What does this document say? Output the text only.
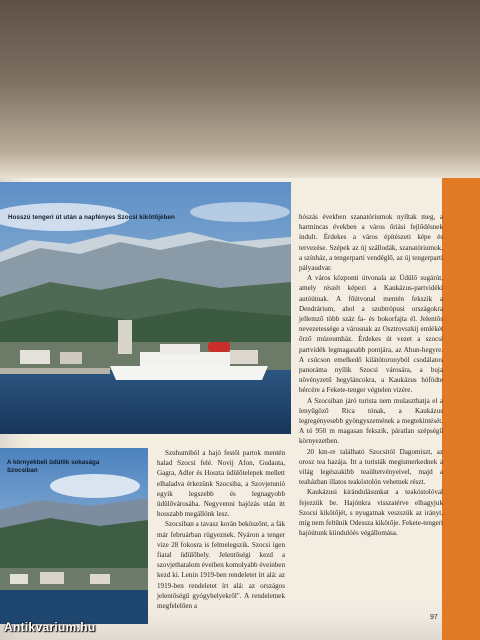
Hosszú tengeri út után a napfényes Szocsi kikötőjében
A környékbeli üdülők sokasága Szocsiban

hószás években szanatóriumok nyíltak meg, a harmincas években a város őriási fejlődésnek indult. Érdekes a város építészeti képe és tervezése. Szépek az új szállodák, szanatóriumok, a színház, a tengerparti vendéglő, az új tengerparti pályaudvar.

A város központi útvonala az Üdülő sugárút, amely részét képezi a Kaukázus-partvidéki autóútnak. A főútvonal mentén fekszik a Dendrárium, ahol a szubtrópusi országokra jellemző több száz fa- és bokorfajta él. Jelentős nevezetessége a városnak az Osztrovszkij emlékét őrző múzeumház. Érdekes út vezet a szocsi partvidék legmagasabb pontjára, az Ahun-hegyre. A csúcson emelkedő kilátótoronyból csodálatos panoráma nyílik Szocsi városára, a buja növényzetű hegyláncokra, a Kaukázus hófödte bércére a Fekete-tenger végtelen vizére.

A Szocsiban járó turista nem mulaszthatja el a lenyűgöző Rica tónak, a Kaukázus legregényesebb gyöngyszemének a megtekintését. A tó 950 m magasan fekszik, páratlan szépségű környezetben.

20 km-re található Szocsitól Dagomiszt, az orosz tea hazája. Itt a turisták megismerkednek a világ legészakibb teaültetvényeivel, majd a teaházban illatos teakóstolón vehetnek részt.

Kaukázusi kirándulásunkat a teakóstolóval fejezzük be. Hajónkra visszatérve elhagyjuk Szocsi kikötőjét, s nyugatnak veszszük az irányt, míg nem feltűnik Odessza kikötője. Fekete-tengeri hajóútunk kiindulóés végállomása.

Szuhumiból a hajó festői partok mentén halad Szocsi felé. Novij Afon, Gudauta, Gagra, Adler és Hosztа üdülőtelepek mellett elhaladva érkezünk Szocsiba, a Szovjetunió egyik legszebb és legnagyobb üdülővárosába. Negyvenni hajózás után itt hosszabb megállónk lesz.

Szocsiban a tavasz korán beköszönt, a fák már februárban rügyeznek. Nyáron a tenger vize 28 fokosra is felmelegszik. Szocsi igen fiatal üdülőhely. Jelentőségi kezd a szovjethatalom éveiben komolyabb éveinben kezd ki. Lenin 1919-ben rendeletet írt alá: az 1919-ben rendeletet írt alá: az országos jelentőségű gyógyhelyekről". A rendeletnek megfelelően a

97
Antikvarium.hu
